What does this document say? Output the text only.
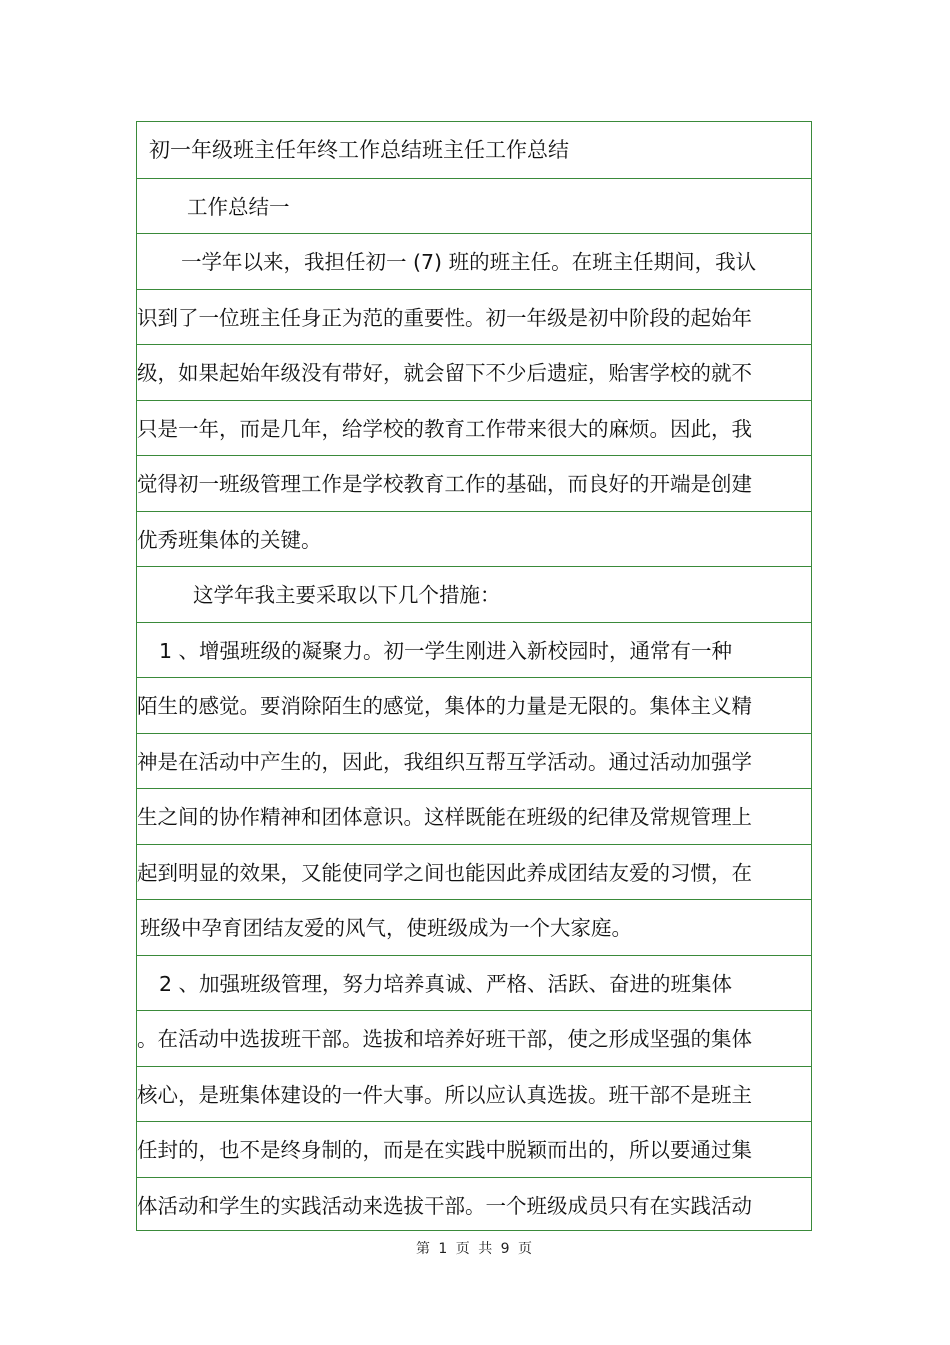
初一年级班主任年终工作总结班主任工作总结
工作总结一
一学年以来，我担任初一 (7) 班的班主任。在班主任期间，我认
识到了一位班主任身正为范的重要性。初一年级是初中阶段的起始年
级，如果起始年级没有带好，就会留下不少后遗症，贻害学校的就不
只是一年，而是几年，给学校的教育工作带来很大的麻烦。因此，我
觉得初一班级管理工作是学校教育工作的基础，而良好的开端是创建
优秀班集体的关键。
这学年我主要采取以下几个措施：
1 、增强班级的凝聚力。初一学生刚进入新校园时，通常有一种
陌生的感觉。要消除陌生的感觉，集体的力量是无限的。集体主义精
神是在活动中产生的，因此，我组织互帮互学活动。通过活动加强学
生之间的协作精神和团体意识。这样既能在班级的纪律及常规管理上
起到明显的效果，又能使同学之间也能因此养成团结友爱的习惯，在
班级中孕育团结友爱的风气，使班级成为一个大家庭。
2 、加强班级管理，努力培养真诚、严格、活跃、奋进的班集体
。在活动中选拔班干部。选拔和培养好班干部，使之形成坚强的集体
核心，是班集体建设的一件大事。所以应认真选拔。班干部不是班主
任封的，也不是终身制的，而是在实践中脱颖而出的，所以要通过集
体活动和学生的实践活动来选拔干部。一个班级成员只有在实践活动
第 1 页 共 9 页
